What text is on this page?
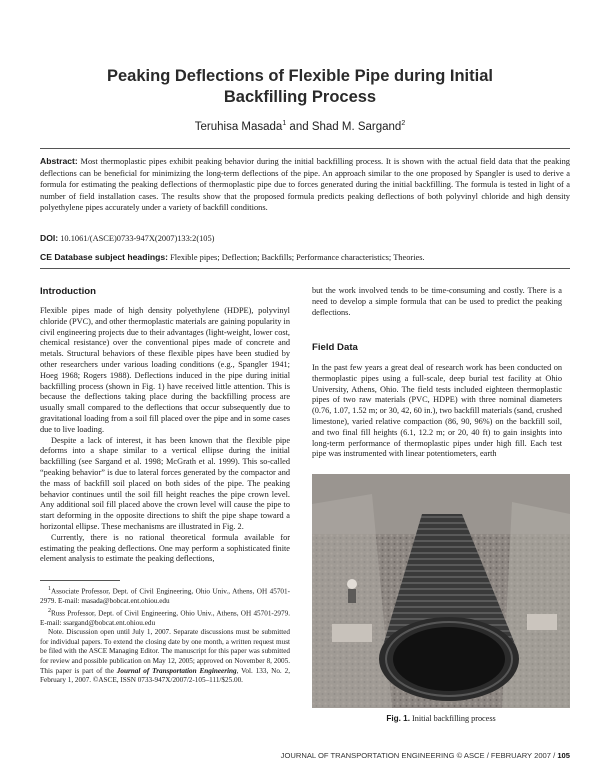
Peaking Deflections of Flexible Pipe during Initial
Backfilling Process
Teruhisa Masada$^1$ and Shad M. Sargand$^2$
Abstract: Most thermoplastic pipes exhibit peaking behavior during the initial backfilling process. It is shown with the actual field data that the peaking deflections can be beneficial for minimizing the long-term deflections of the pipe. An approach similar to the one proposed by Spangler is used to derive a formula for estimating the peaking deflections of thermoplastic pipe due to forces generated during the initial backfilling. The formula is tested in light of a number of field installation cases. The results show that the proposed formula predicts peaking deflections of both polyvinyl chloride and high density polyethylene pipes accurately under a variety of backfill conditions.
DOI: 10.1061/(ASCE)0733-947X(2007)133:2(105)
CE Database subject headings: Flexible pipes; Deflection; Backfills; Performance characteristics; Theories.
Introduction

Flexible pipes made of high density polyethylene (HDPE), polyvinyl chloride (PVC), and other thermoplastic materials are gaining popularity in civil engineering projects due to their advantages (light-weight, lower cost, chemical resistance) over the conventional pipes made of concrete and metals. Structural behaviors of these flexible pipes have been studied by other researchers under various loading conditions (e.g., Spangler 1941; Hoeg 1968; Rogers 1988). Deflections induced in the pipe during initial backfilling process (shown in Fig. 1) have received little attention. This is because the deflections taking place during the backfilling process are usually small compared to the deflections that occur subsequently due to gravitational loading from a soil fill placed over the pipe and in some cases due to live loading.

Despite a lack of interest, it has been known that the flexible pipe deforms into a shape similar to a vertical ellipse during the initial backfilling (see Sargand et al. 1998; McGrath et al. 1999). This so-called “peaking behavior” is due to lateral forces generated by the compactor and the mass of backfill soil placed on both sides of the pipe. The peaking behavior continues until the soil fill height reaches the pipe crown level. Any additional soil fill placed above the crown level will cause the pipe to start deforming in the opposite directions to shift the pipe shape toward a horizontal ellipse. These mechanisms are illustrated in Fig. 2.

Currently, there is no rational theoretical formula available for estimating the peaking deflections. One may perform a sophisticated finite element analysis to estimate the peaking deflections,

$^1$Associate Professor, Dept. of Civil Engineering, Ohio Univ., Athens, OH 45701-2979. E-mail: masada@bobcat.ent.ohiou.edu

$^2$Russ Professor, Dept. of Civil Engineering, Ohio Univ., Athens, OH 45701-2979. E-mail: ssargand@bobcat.ent.ohiou.edu

Note. Discussion open until July 1, 2007. Separate discussions must be submitted for individual papers. To extend the closing date by one month, a written request must be filed with the ASCE Managing Editor. The manuscript for this paper was submitted for review and possible publication on May 12, 2005; approved on November 8, 2005. This paper is part of the Journal of Transportation Engineering, Vol. 133, No. 2, February 1, 2007. ©ASCE, ISSN 0733-947X/2007/2-105–111/$25.00.

but the work involved tends to be time-consuming and costly. There is a need to develop a simple formula that can be used to predict the peaking deflections.

Field Data

In the past few years a great deal of research work has been conducted on thermoplastic pipes using a full-scale, deep burial test facility at Ohio University, Athens, Ohio. The field tests included eighteen thermoplastic pipes of two raw materials (PVC, HDPE) with three nominal diameters (0.76, 1.07, 1.52 m; or 30, 42, 60 in.), two backfill materials (sand, crushed limestone), varied relative compaction (86, 90, 96%) on the backfill soil, and two final fill heights (6.1, 12.2 m; or 20, 40 ft) to gain insights into long-term performance of thermoplastic pipes under high fill. Each test pipe was instrumented with linear potentiometers, earth

Fig. 1. Initial backfilling process
JOURNAL OF TRANSPORTATION ENGINEERING © ASCE / FEBRUARY 2007 / 105
